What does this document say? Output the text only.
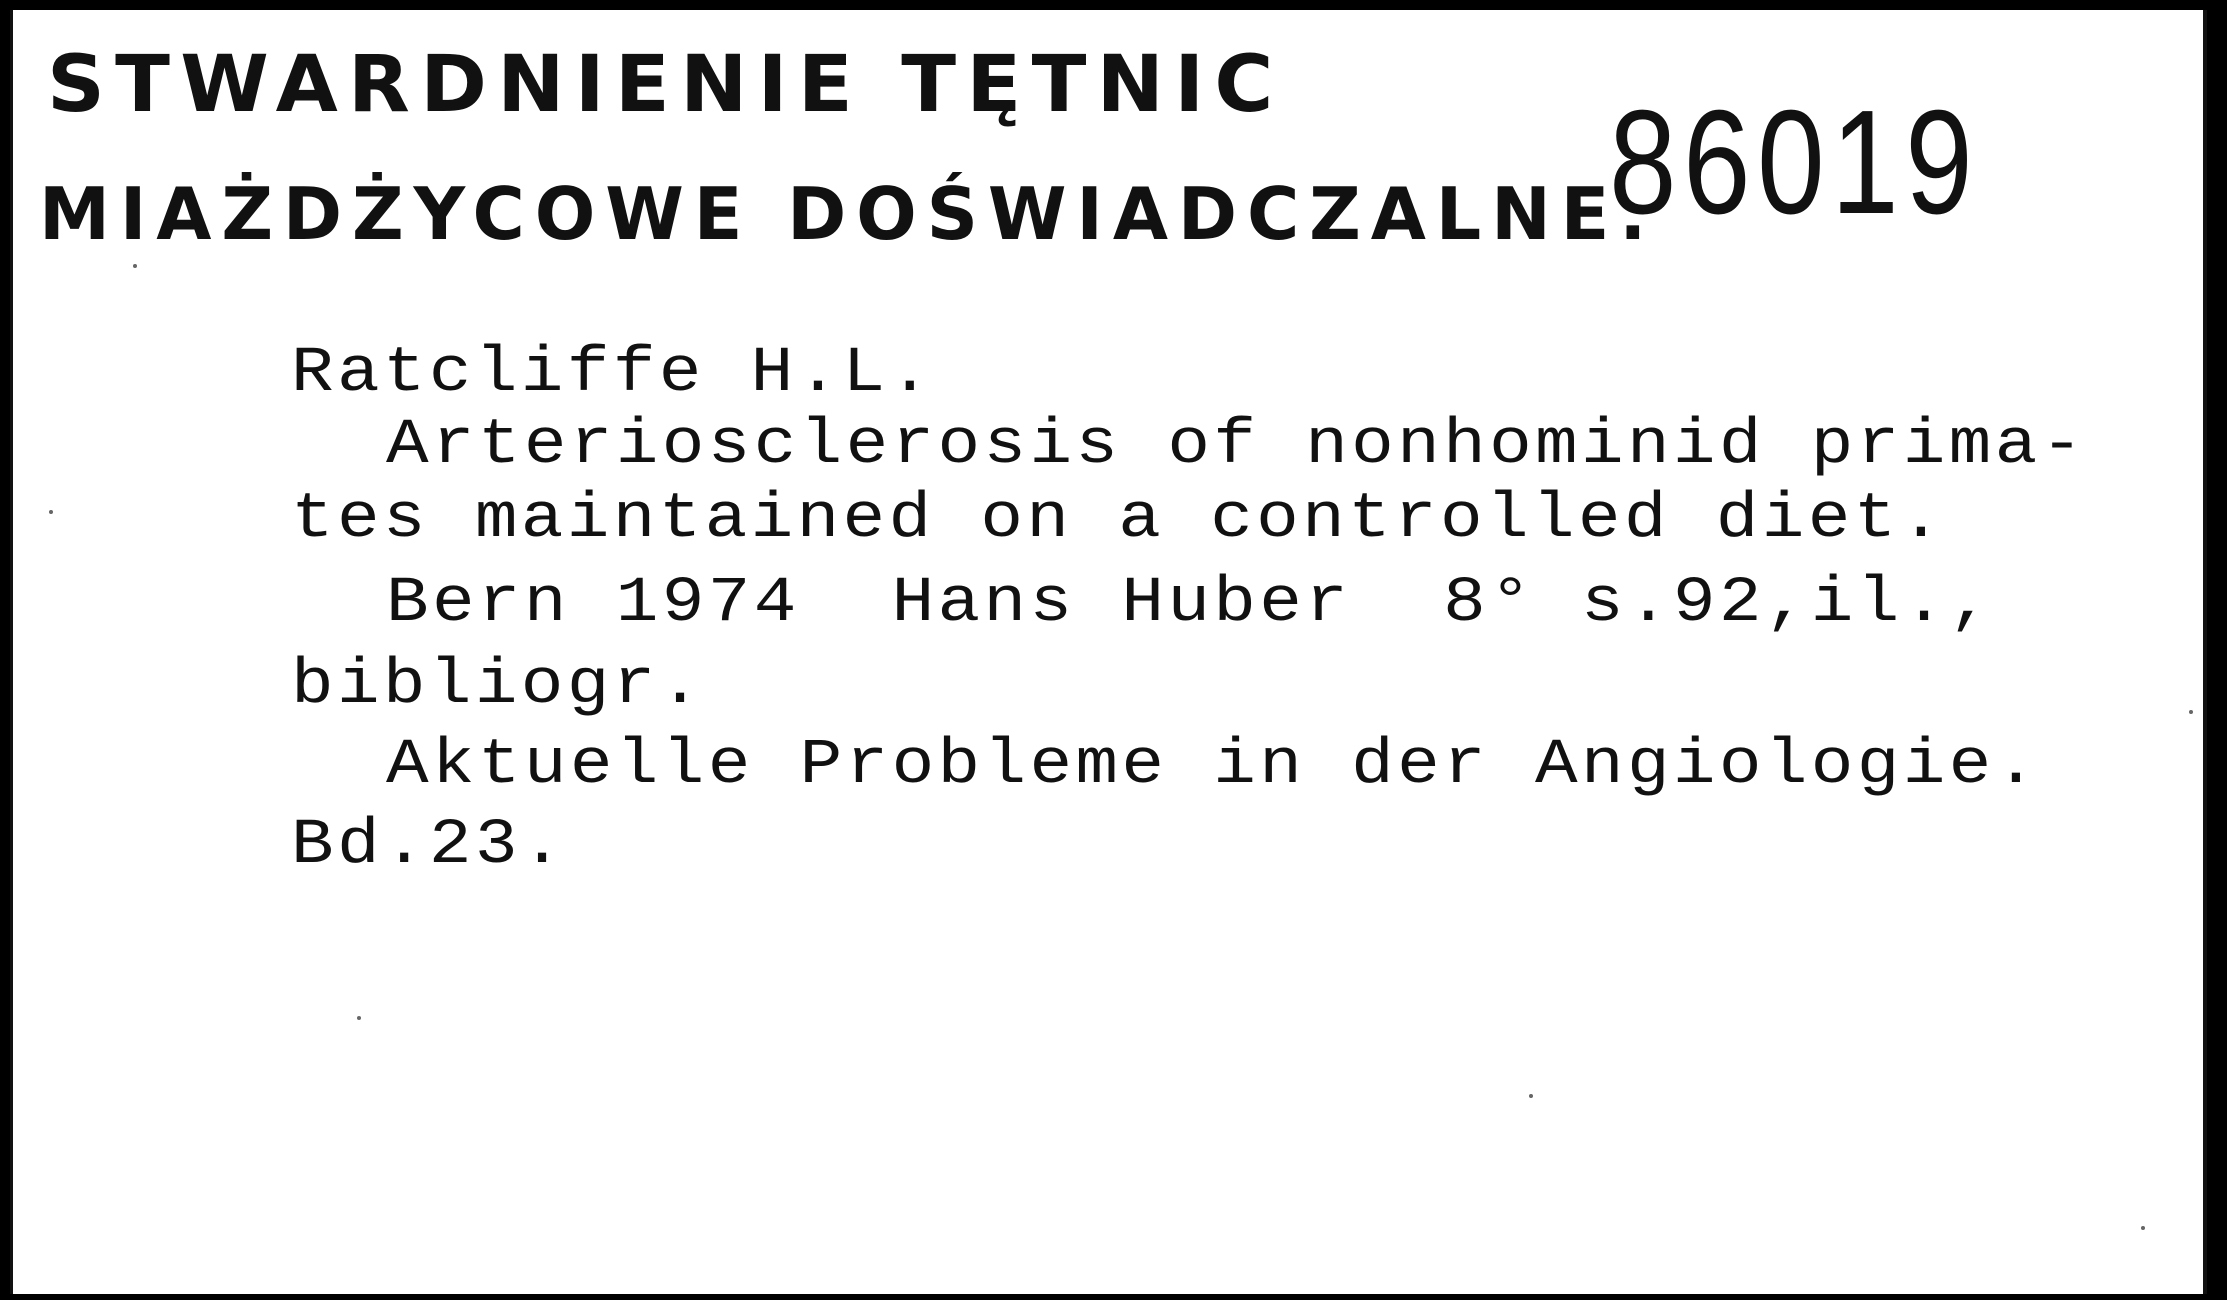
STWARDNIENIE TĘTNIC
MIAŻDŻYCOWE DOŚWIADCZALNE.
86019
Ratcliffe H.L.
Arteriosclerosis of nonhominid prima-
tes maintained on a controlled diet.
Bern 1974  Hans Huber  8° s.92,il.,
bibliogr.
Aktuelle Probleme in der Angiologie.
Bd.23.
